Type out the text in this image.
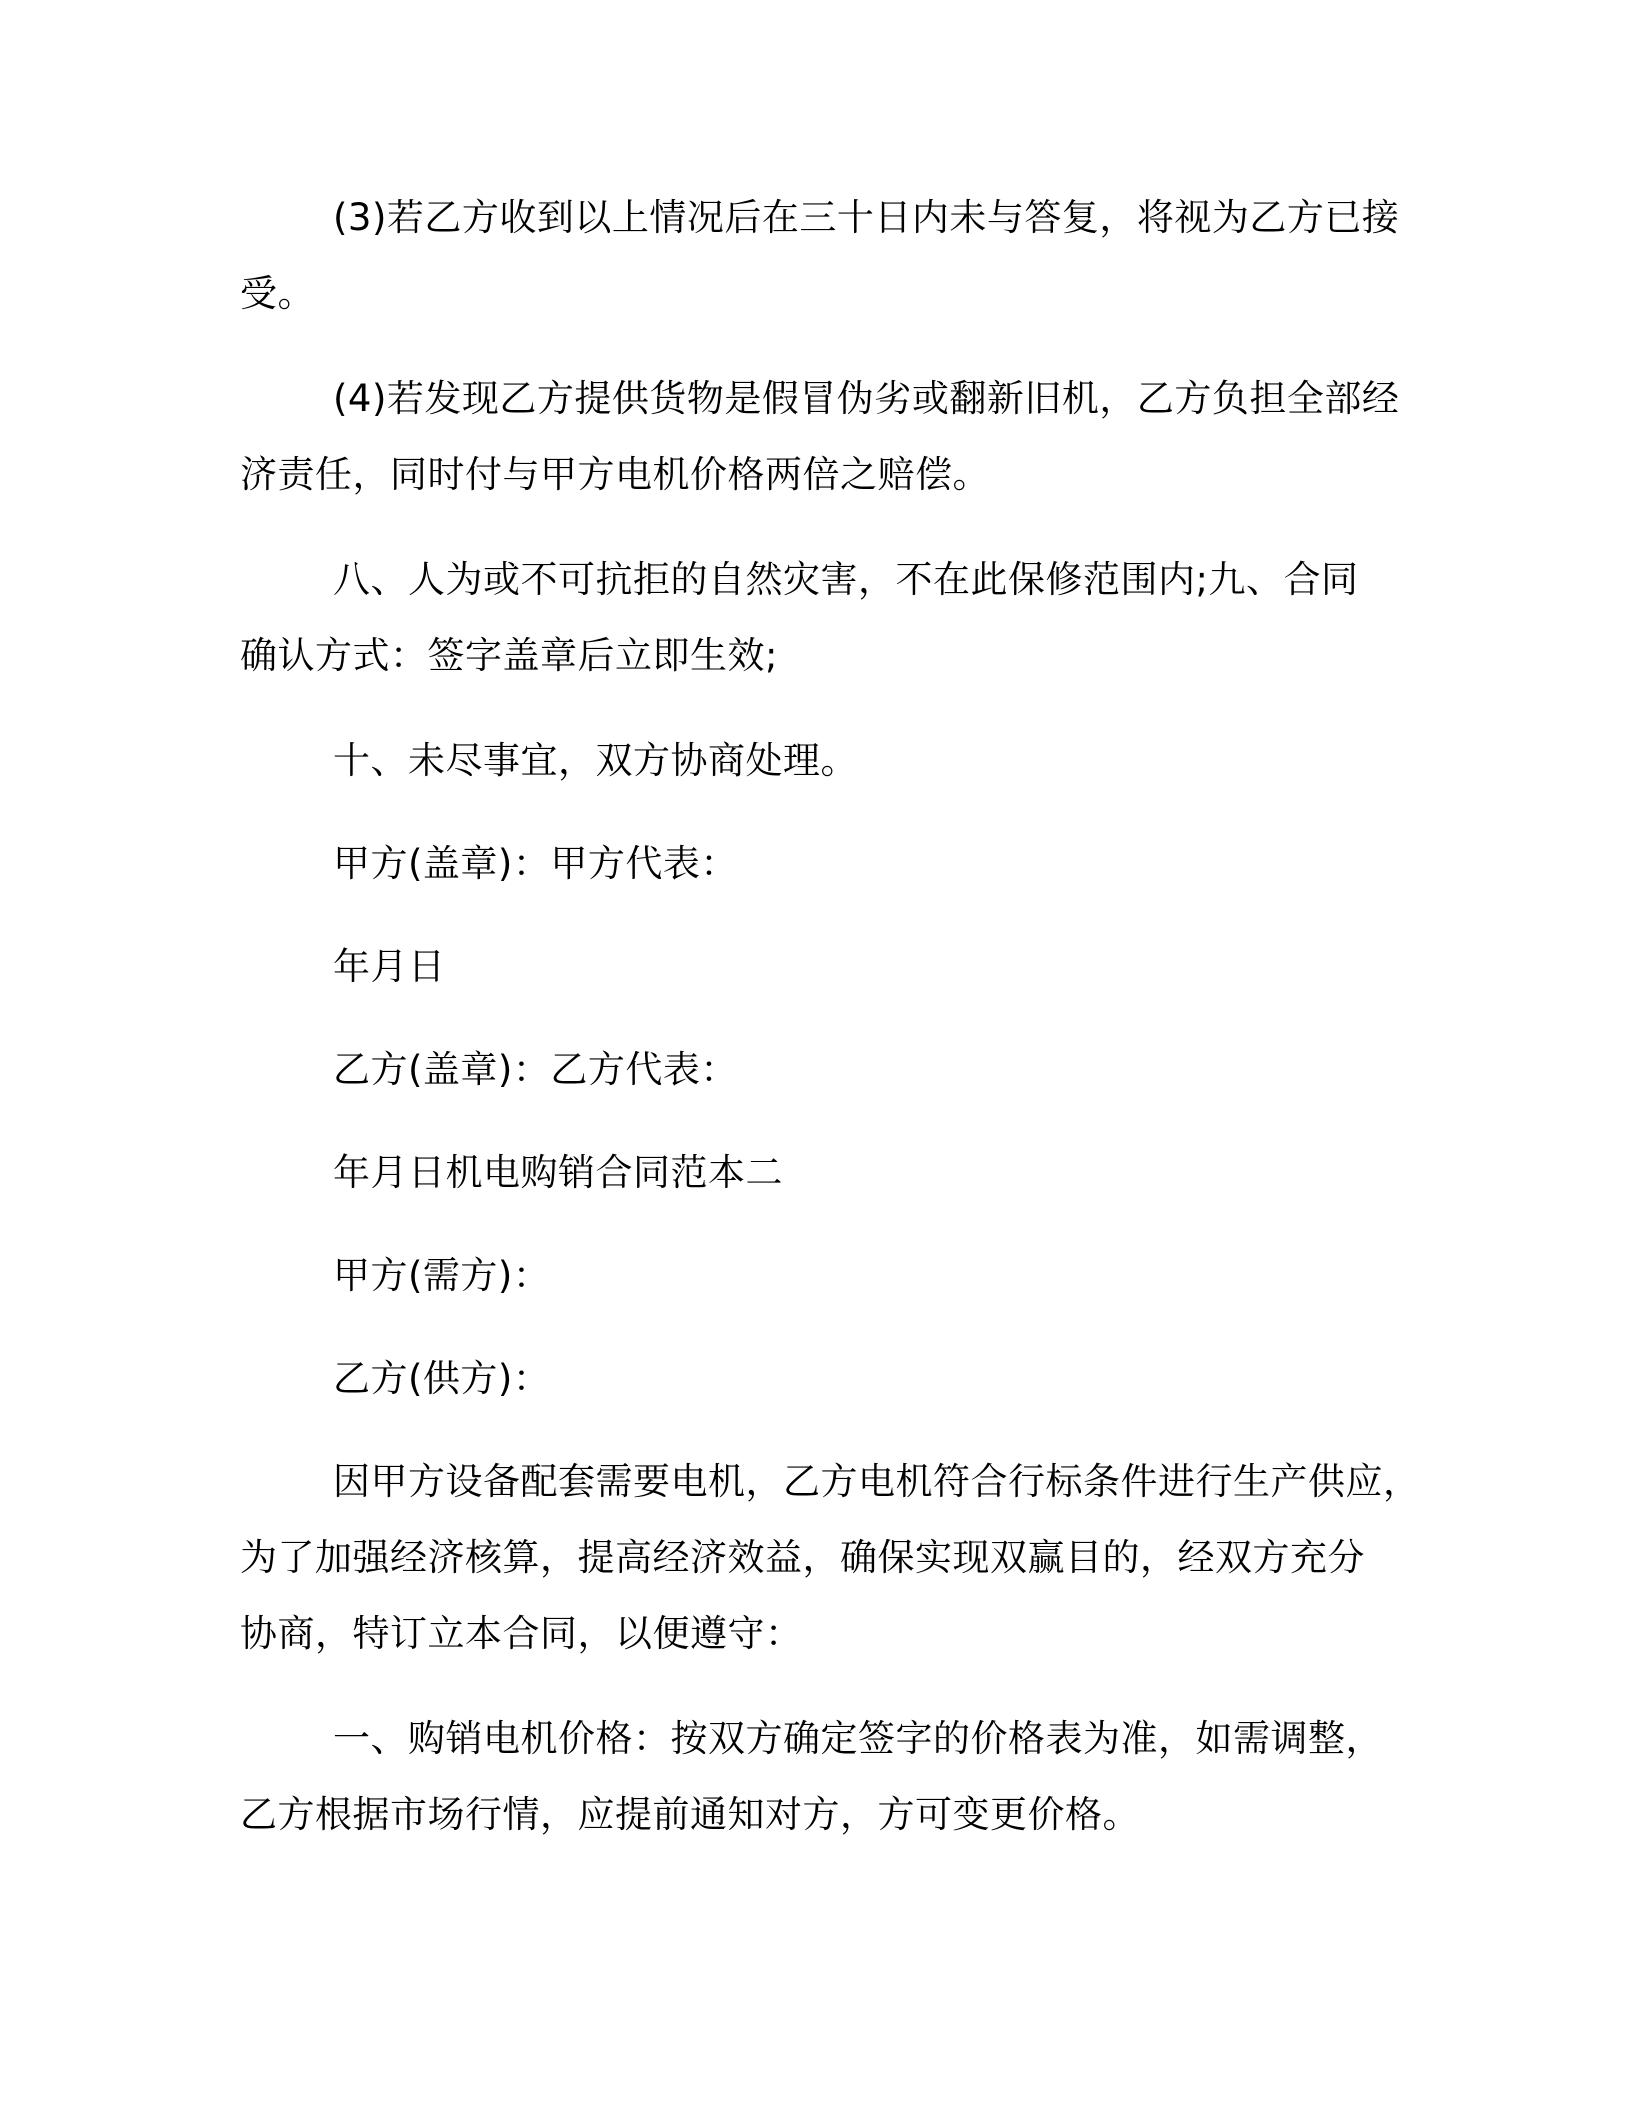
(3)若乙方收到以上情况后在三十日内未与答复，将视为乙方已接
受。
(4)若发现乙方提供货物是假冒伪劣或翻新旧机，乙方负担全部经
济责任，同时付与甲方电机价格两倍之赔偿。
八、人为或不可抗拒的自然灾害，不在此保修范围内;九、合同
确认方式：签字盖章后立即生效;
十、未尽事宜，双方协商处理。
甲方(盖章)：甲方代表：
年月日
乙方(盖章)：乙方代表：
年月日机电购销合同范本二
甲方(需方)：
乙方(供方)：
因甲方设备配套需要电机，乙方电机符合行标条件进行生产供应，
为了加强经济核算，提高经济效益，确保实现双赢目的，经双方充分
协商，特订立本合同，以便遵守：
一、购销电机价格：按双方确定签字的价格表为准，如需调整，
乙方根据市场行情，应提前通知对方，方可变更价格。
